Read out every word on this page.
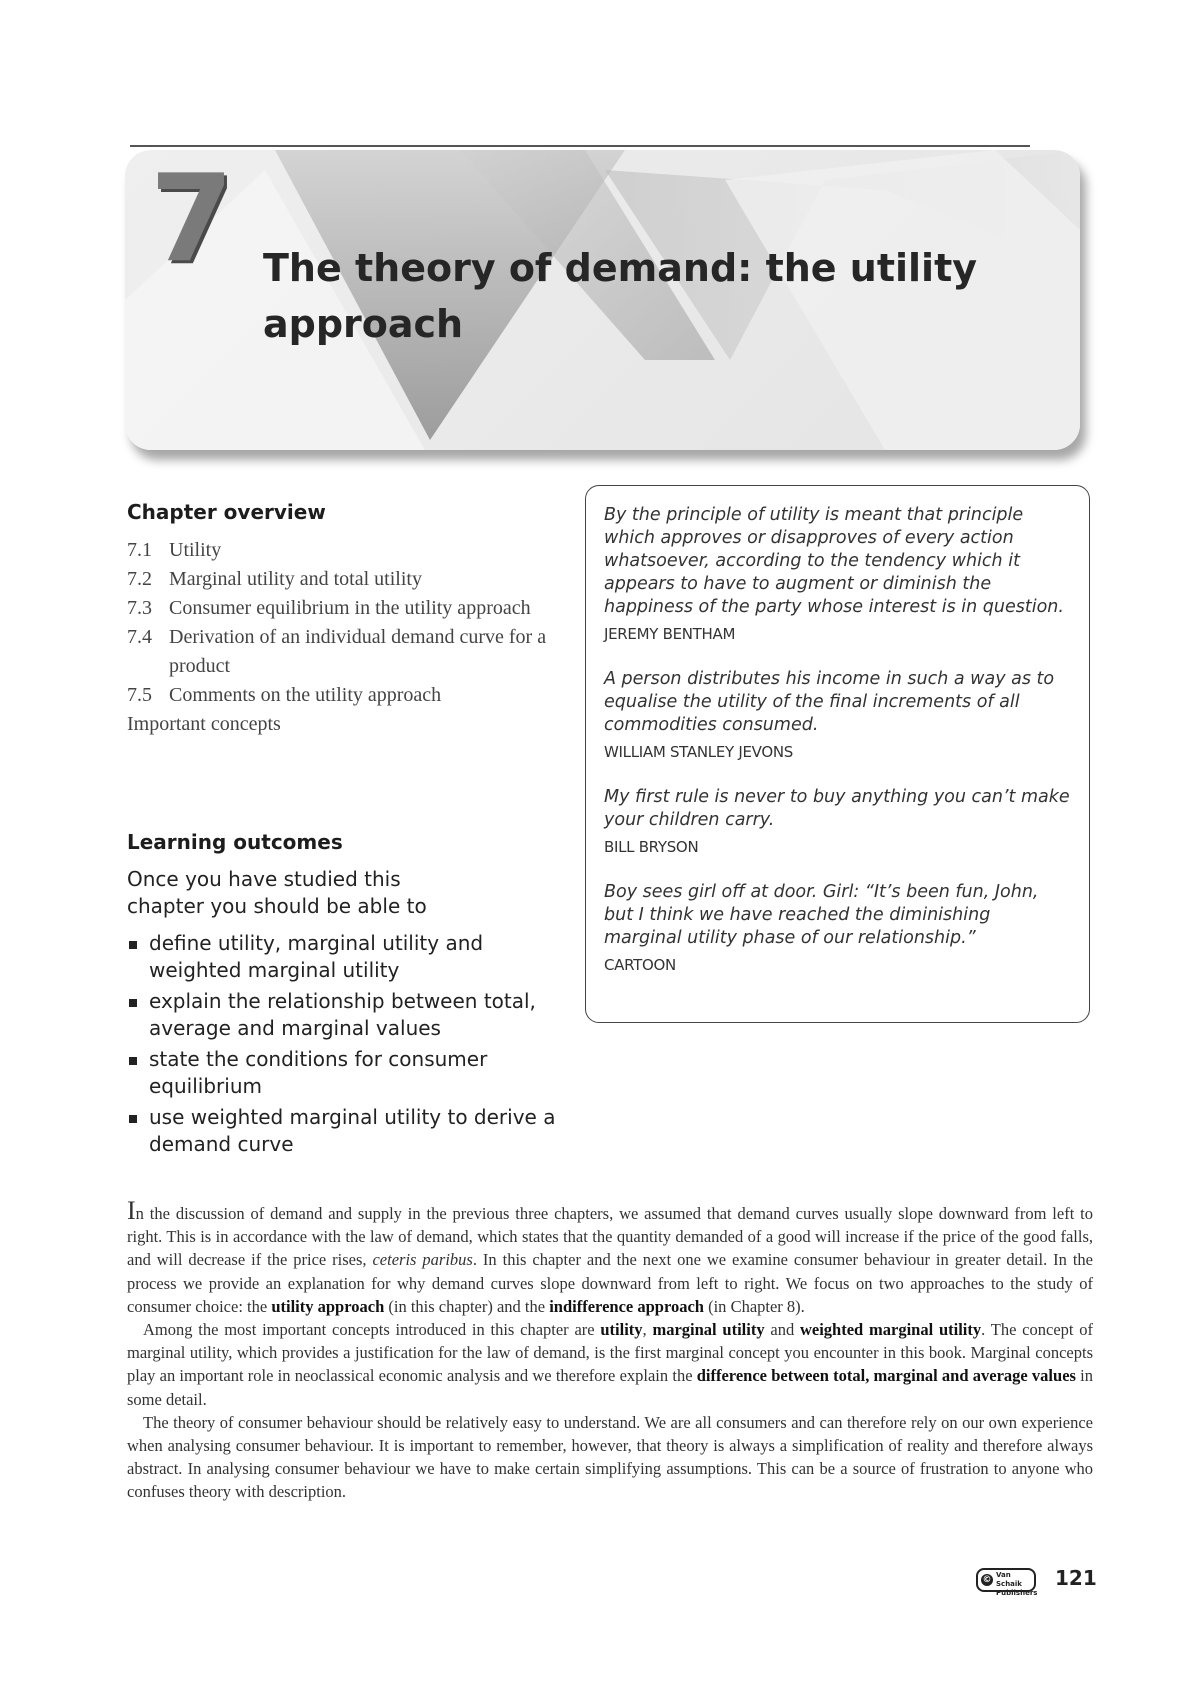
7 The theory of demand: the utility approach
Chapter overview
7.1 Utility
7.2 Marginal utility and total utility
7.3 Consumer equilibrium in the utility approach
7.4 Derivation of an individual demand curve for a product
7.5 Comments on the utility approach
Important concepts
Learning outcomes
Once you have studied this
chapter you should be able to
define utility, marginal utility and weighted marginal utility
explain the relationship between total, average and marginal values
state the conditions for consumer equilibrium
use weighted marginal utility to derive a demand curve

By the principle of utility is meant that principle which approves or disapproves of every action whatsoever, according to the tendency which it appears to have to augment or diminish the happiness of the party whose interest is in question.

JEREMY BENTHAM

A person distributes his income in such a way as to equalise the utility of the final increments of all commodities consumed.

WILLIAM STANLEY JEVONS

My first rule is never to buy anything you can’t make your children carry.

BILL BRYSON

Boy sees girl off at door. Girl: “It’s been fun, John, but I think we have reached the diminishing marginal utility phase of our relationship.”

CARTOON

In the discussion of demand and supply in the previous three chapters, we assumed that demand curves usually slope downward from left to right. This is in accordance with the law of demand, which states that the quantity demanded of a good will increase if the price of the good falls, and will decrease if the price rises, ceteris paribus. In this chapter and the next one we examine consumer behaviour in greater detail. In the process we provide an explanation for why demand curves slope downward from left to right. We focus on two approaches to the study of consumer choice: the utility approach (in this chapter) and the indifference approach (in Chapter 8).

Among the most important concepts introduced in this chapter are utility, marginal utility and weighted marginal utility. The concept of marginal utility, which provides a justification for the law of demand, is the first marginal concept you encounter in this book. Marginal concepts play an important role in neoclassical economic analysis and we therefore explain the difference between total, marginal and average values in some detail.

The theory of consumer behaviour should be relatively easy to understand. We are all consumers and can therefore rely on our own experience when analysing consumer behaviour. It is important to remember, however, that theory is always a simplification of reality and therefore always abstract. In analysing consumer behaviour we have to make certain simplifying assumptions. This can be a source of frustration to anyone who confuses theory with description.

© Van Schaik
Publishers
121
